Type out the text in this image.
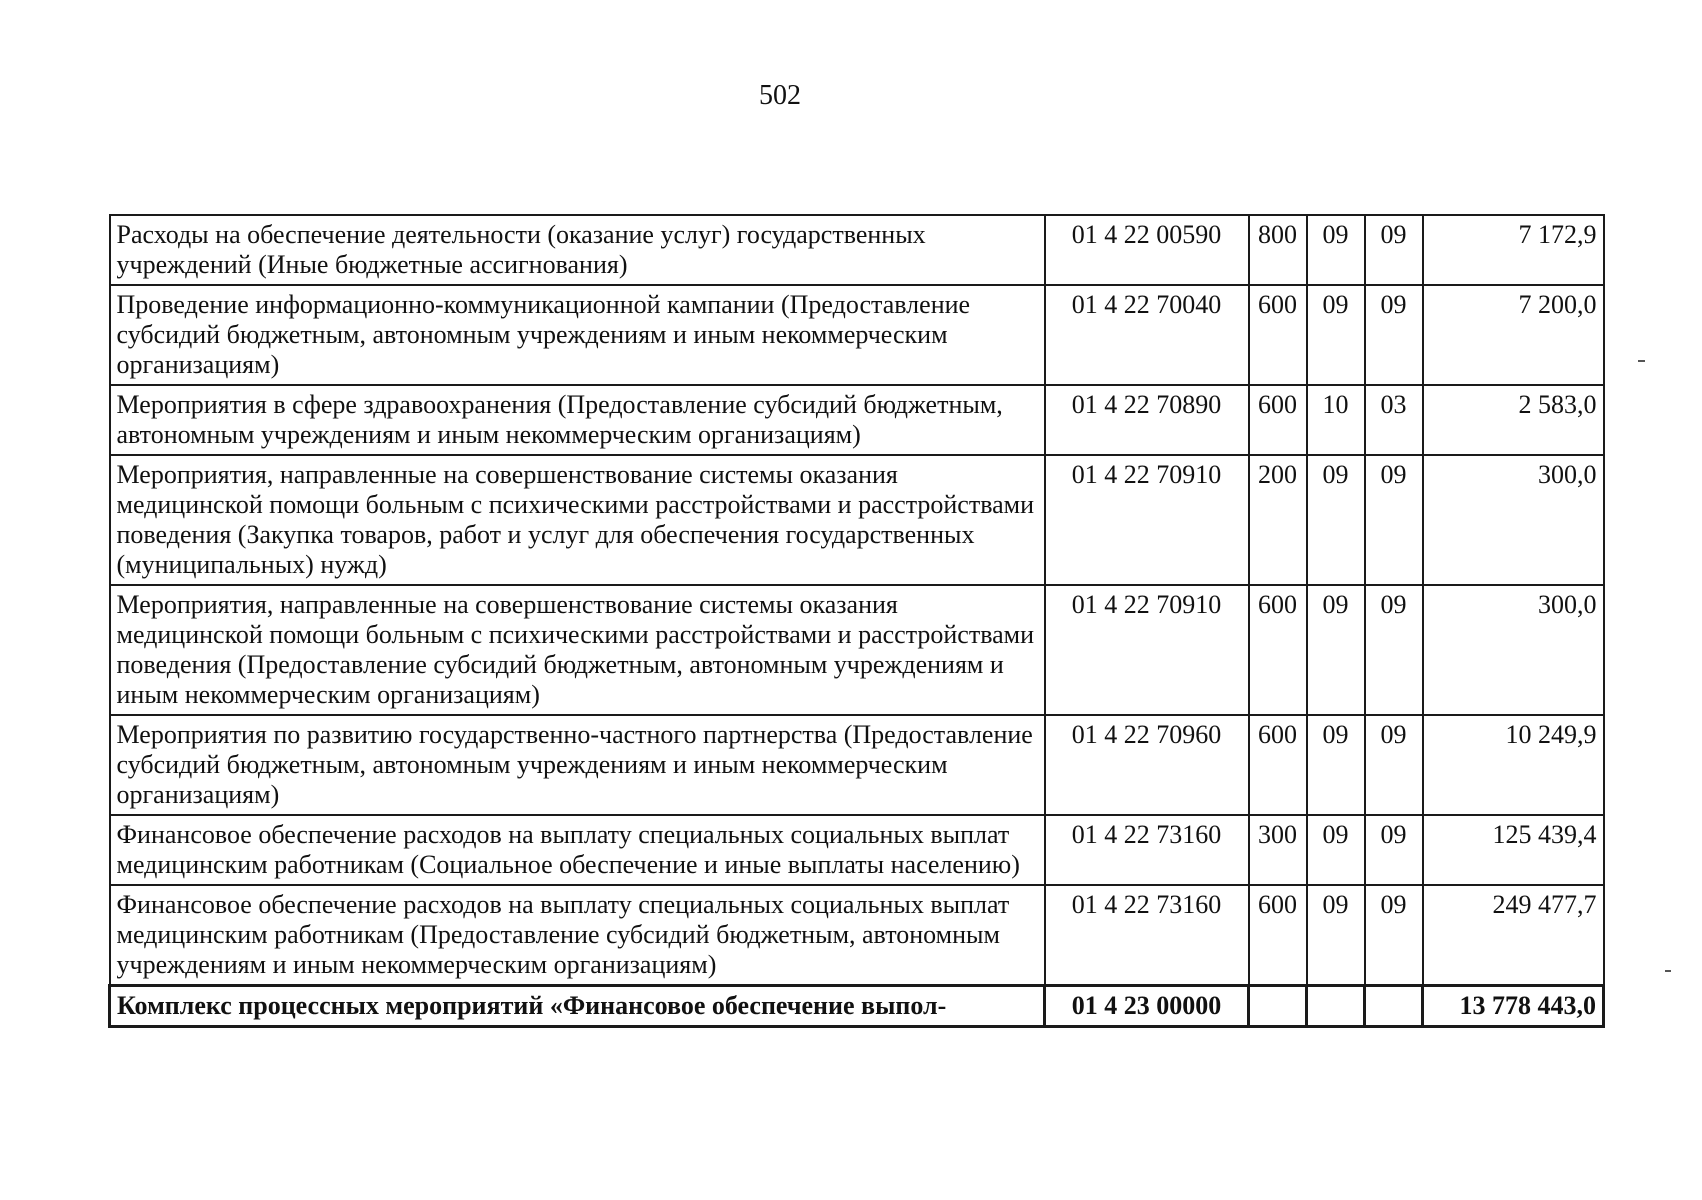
502
Расходы на обеспечение деятельности (оказание услуг) государственных учреждений (Иные бюджетные ассигнования)	01 4 22 00590	800	09	09	7 172,9
Проведение информационно-коммуникационной кампании (Предоставление субсидий бюджетным, автономным учреждениям и иным некоммерческим организациям)	01 4 22 70040	600	09	09	7 200,0
Мероприятия в сфере здравоохранения (Предоставление субсидий бюджетным, автономным учреждениям и иным некоммерческим организациям)	01 4 22 70890	600	10	03	2 583,0
Мероприятия, направленные на совершенствование системы оказания медицинской помощи больным с психическими расстройствами и расстройствами поведения (Закупка товаров, работ и услуг для обеспечения государственных (муниципальных) нужд)	01 4 22 70910	200	09	09	300,0
Мероприятия, направленные на совершенствование системы оказания медицинской помощи больным с психическими расстройствами и расстройствами поведения (Предоставление субсидий бюджетным, автономным учреждениям и иным некоммерческим организациям)	01 4 22 70910	600	09	09	300,0
Мероприятия по развитию государственно-частного партнерства (Предоставление субсидий бюджетным, автономным учреждениям и иным некоммерческим организациям)	01 4 22 70960	600	09	09	10 249,9
Финансовое обеспечение расходов на выплату специальных социальных выплат медицинским работникам (Социальное обеспечение и иные выплаты населению)	01 4 22 73160	300	09	09	125 439,4
Финансовое обеспечение расходов на выплату специальных социальных выплат медицинским работникам (Предоставление субсидий бюджетным, автономным учреждениям и иным некоммерческим организациям)	01 4 22 73160	600	09	09	249 477,7
Комплекс процессных мероприятий «Финансовое обеспечение выпол-	01 4 23 00000				13 778 443,0
